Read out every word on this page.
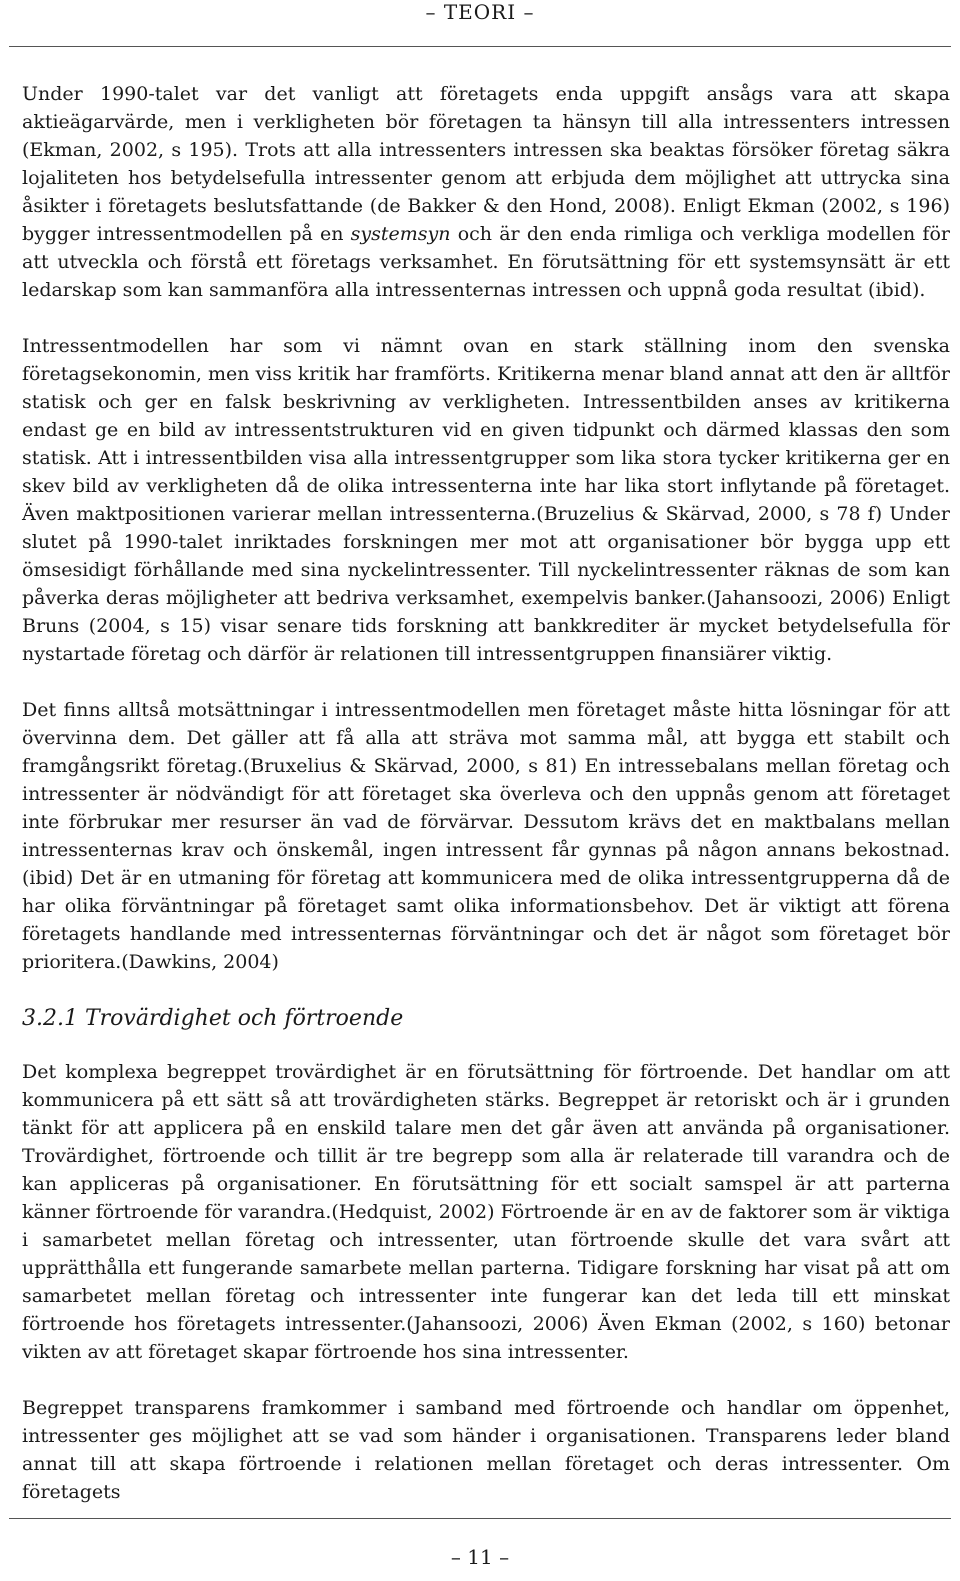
– TEORI –

Under 1990-talet var det vanligt att företagets enda uppgift ansågs vara att skapa aktieägarvärde, men i verkligheten bör företagen ta hänsyn till alla intressenters intressen (Ekman, 2002, s 195). Trots att alla intressenters intressen ska beaktas försöker företag säkra lojaliteten hos betydelsefulla intressenter genom att erbjuda dem möjlighet att uttrycka sina åsikter i företagets beslutsfattande (de Bakker & den Hond, 2008). Enligt Ekman (2002, s 196) bygger intressentmodellen på en systemsyn och är den enda rimliga och verkliga modellen för att utveckla och förstå ett företags verksamhet. En förutsättning för ett systemsynsätt är ett ledarskap som kan sammanföra alla intressenternas intressen och uppnå goda resultat (ibid).

Intressentmodellen har som vi nämnt ovan en stark ställning inom den svenska företagsekonomin, men viss kritik har framförts. Kritikerna menar bland annat att den är alltför statisk och ger en falsk beskrivning av verkligheten. Intressentbilden anses av kritikerna endast ge en bild av intressentstrukturen vid en given tidpunkt och därmed klassas den som statisk. Att i intressentbilden visa alla intressentgrupper som lika stora tycker kritikerna ger en skev bild av verkligheten då de olika intressenterna inte har lika stort inflytande på företaget. Även maktpositionen varierar mellan intressenterna.(Bruzelius & Skärvad, 2000, s 78 f) Under slutet på 1990-talet inriktades forskningen mer mot att organisationer bör bygga upp ett ömsesidigt förhållande med sina nyckelintressenter. Till nyckelintressenter räknas de som kan påverka deras möjligheter att bedriva verksamhet, exempelvis banker.(Jahansoozi, 2006) Enligt Bruns (2004, s 15) visar senare tids forskning att bankkrediter är mycket betydelsefulla för nystartade företag och därför är relationen till intressentgruppen finansiärer viktig.

Det finns alltså motsättningar i intressentmodellen men företaget måste hitta lösningar för att övervinna dem. Det gäller att få alla att sträva mot samma mål, att bygga ett stabilt och framgångsrikt företag.(Bruxelius & Skärvad, 2000, s 81) En intressebalans mellan företag och intressenter är nödvändigt för att företaget ska överleva och den uppnås genom att företaget inte förbrukar mer resurser än vad de förvärvar. Dessutom krävs det en maktbalans mellan intressenternas krav och önskemål, ingen intressent får gynnas på någon annans bekostnad.(ibid) Det är en utmaning för företag att kommunicera med de olika intressentgrupperna då de har olika förväntningar på företaget samt olika informationsbehov. Det är viktigt att förena företagets handlande med intressenternas förväntningar och det är något som företaget bör prioritera.(Dawkins, 2004)

3.2.1 Trovärdighet och förtroende

Det komplexa begreppet trovärdighet är en förutsättning för förtroende. Det handlar om att kommunicera på ett sätt så att trovärdigheten stärks. Begreppet är retoriskt och är i grunden tänkt för att applicera på en enskild talare men det går även att använda på organisationer. Trovärdighet, förtroende och tillit är tre begrepp som alla är relaterade till varandra och de kan appliceras på organisationer. En förutsättning för ett socialt samspel är att parterna känner förtroende för varandra.(Hedquist, 2002) Förtroende är en av de faktorer som är viktiga i samarbetet mellan företag och intressenter, utan förtroende skulle det vara svårt att upprätthålla ett fungerande samarbete mellan parterna. Tidigare forskning har visat på att om samarbetet mellan företag och intressenter inte fungerar kan det leda till ett minskat förtroende hos företagets intressenter.(Jahansoozi, 2006) Även Ekman (2002, s 160) betonar vikten av att företaget skapar förtroende hos sina intressenter.

Begreppet transparens framkommer i samband med förtroende och handlar om öppenhet, intressenter ges möjlighet att se vad som händer i organisationen. Transparens leder bland annat till att skapa förtroende i relationen mellan företaget och deras intressenter. Om företagets

– 11 –
